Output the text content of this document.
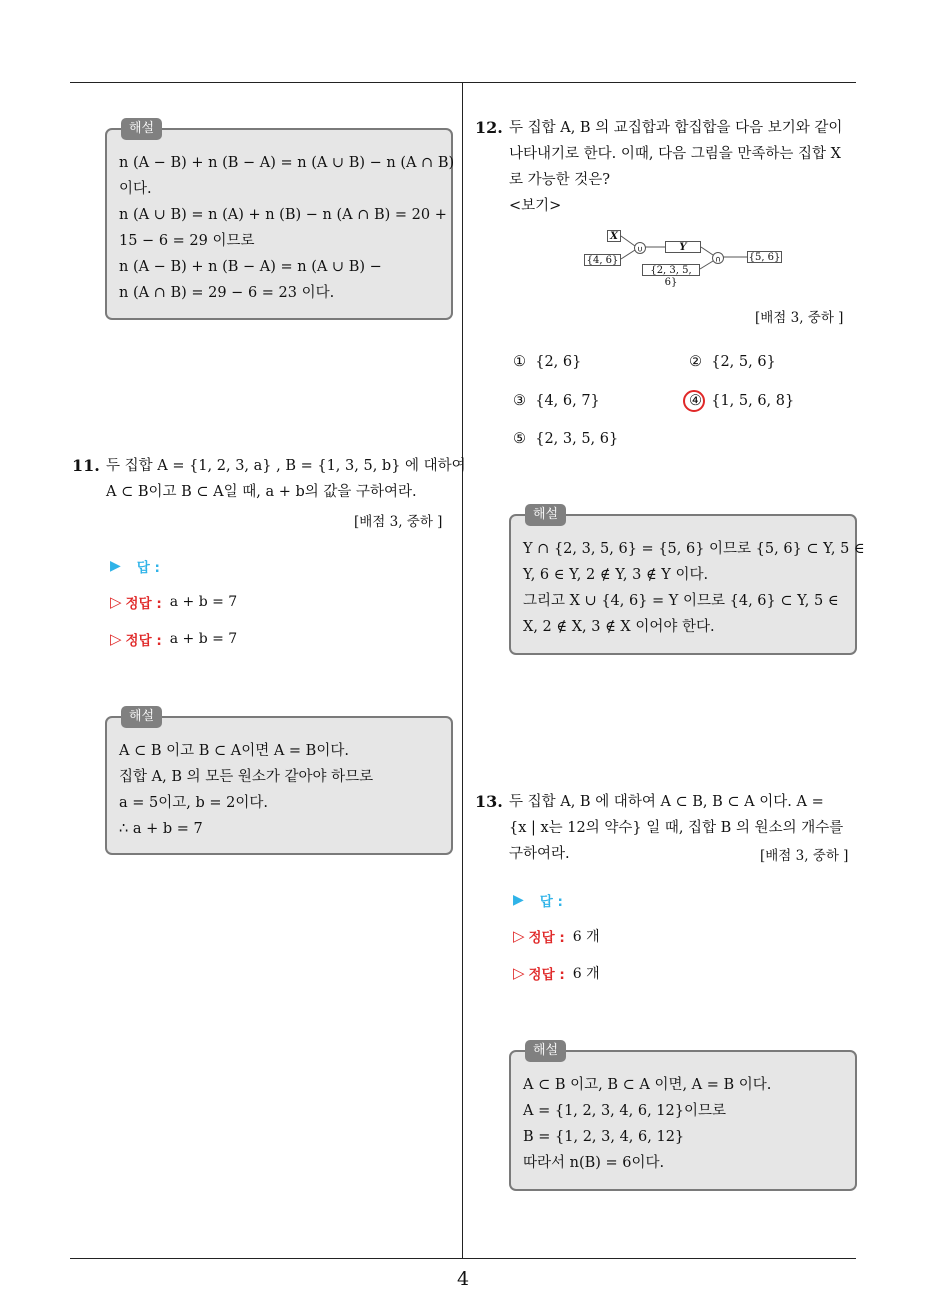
4
해설
n (A − B) + n (B − A) = n (A ∪ B) − n (A ∩ B)
이다.
n (A ∪ B) = n (A) + n (B) − n (A ∩ B) = 20 +
15 − 6 = 29 이므로
n (A − B) + n (B − A) = n (A ∪ B) −
n (A ∩ B) = 29 − 6 = 23 이다.
11. 두 집합 A = {1, 2, 3, a} , B = {1, 3, 5, b} 에 대하여
A ⊂ B이고 B ⊂ A일 때, a + b의 값을 구하여라.
[배점 3, 중하 ]
▶ 답 :
▷ 정답 : a + b = 7
▷ 정답 : a + b = 7
해설
A ⊂ B 이고 B ⊂ A이면 A = B이다.
집합 A, B 의 모든 원소가 같아야 하므로
a = 5이고, b = 2이다.
∴ a + b = 7
12. 두 집합 A, B 의 교집합과 합집합을 다음 보기와 같이
나타내기로 한다. 이때, 다음 그림을 만족하는 집합 X
로 가능한 것은?
<보기>
∪
∩
X
{4, 6}
Y
{2, 3, 5, 6}
{5, 6}
[배점 3, 중하 ]
① {2, 6}	② {2, 5, 6}
③ {4, 6, 7}	④ {1, 5, 6, 8}
⑤ {2, 3, 5, 6}
해설
Y ∩ {2, 3, 5, 6} = {5, 6} 이므로 {5, 6} ⊂ Y, 5 ∈
Y, 6 ∈ Y, 2 ∉ Y, 3 ∉ Y 이다.
그리고 X ∪ {4, 6} = Y 이므로 {4, 6} ⊂ Y, 5 ∈
X, 2 ∉ X, 3 ∉ X 이어야 한다.
13. 두 집합 A, B 에 대하여 A ⊂ B, B ⊂ A 이다. A =
{x | x는 12의 약수} 일 때, 집합 B 의 원소의 개수를
구하여라.	[배점 3, 중하 ]
▶ 답 :
▷ 정답 : 6 개
▷ 정답 : 6 개
해설
A ⊂ B 이고, B ⊂ A 이면, A = B 이다.
A = {1, 2, 3, 4, 6, 12}이므로
B = {1, 2, 3, 4, 6, 12}
따라서 n(B) = 6이다.
